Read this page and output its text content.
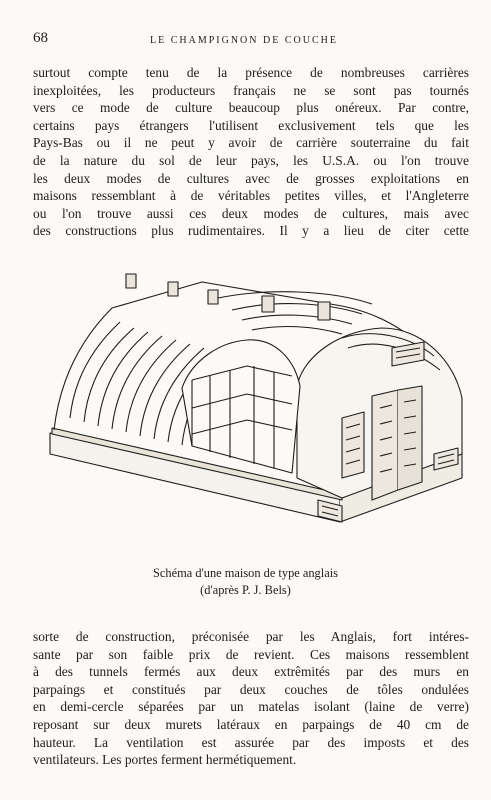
68	LE CHAMPIGNON DE COUCHE
surtout compte tenu de la présence de nombreuses carrières
inexploitées, les producteurs français ne se sont pas tournés
vers ce mode de culture beaucoup plus onéreux. Par contre,
certains pays étrangers l'utilisent exclusivement tels que les
Pays-Bas ou il ne peut y avoir de carrière souterraine du fait
de la nature du sol de leur pays, les U.S.A. ou l'on trouve
les deux modes de cultures avec de grosses exploitations en
maisons ressemblant à de véritables petites villes, et l'Angleterre
ou l'on trouve aussi ces deux modes de cultures, mais avec
des constructions plus rudimentaires. Il y a lieu de citer cette
Schéma d'une maison de type anglais
(d'après P. J. Bels)
sorte de construction, préconisée par les Anglais, fort intéres-
sante par son faible prix de revient. Ces maisons ressemblent
à des tunnels fermés aux deux extrêmités par des murs en
parpaings et constitués par deux couches de tôles ondulées
en demi-cercle séparées par un matelas isolant (laine de verre)
reposant sur deux murets latéraux en parpaings de 40 cm de
hauteur. La ventilation est assurée par des imposts et des
ventilateurs. Les portes ferment hermétiquement.
